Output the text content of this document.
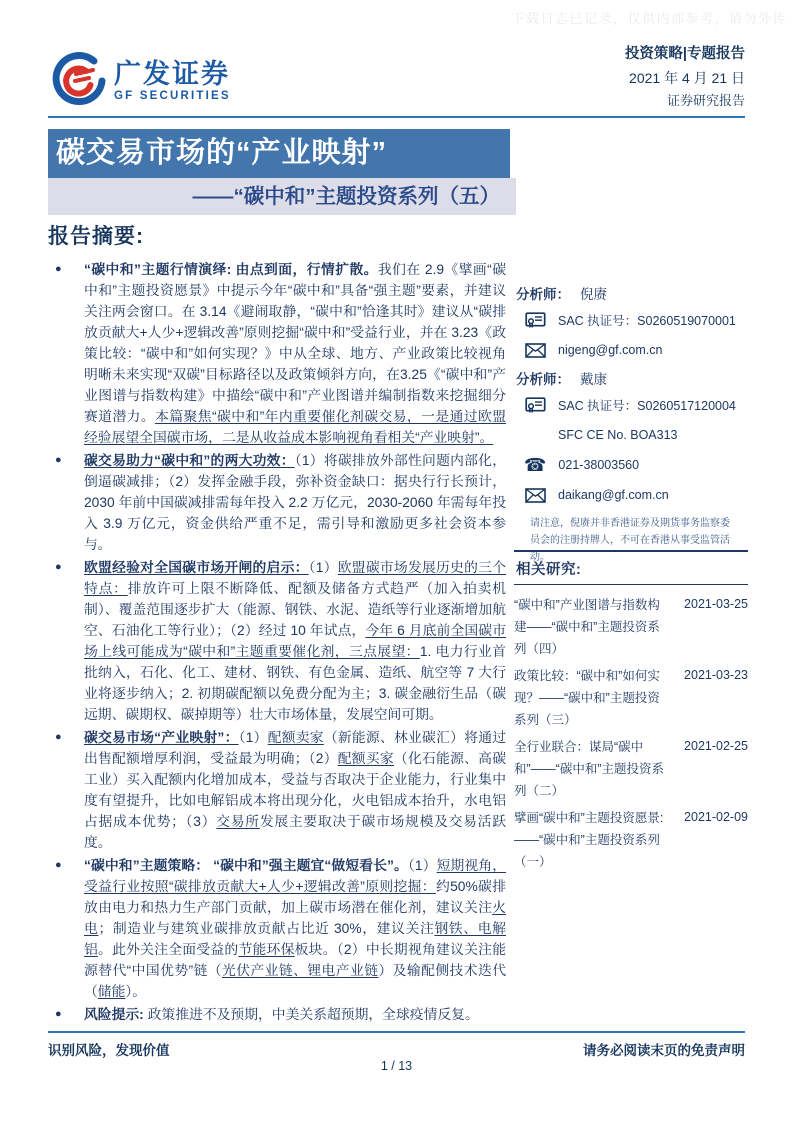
下载日志已记录，仅供内部参考，请勿外传
广发证券
GF SECURITIES
投资策略|专题报告
2021 年 4 月 21 日
证券研究报告
碳交易市场的“产业映射”
——“碳中和”主题投资系列（五）
报告摘要:
●	“碳中和”主题行情演绎: 由点到面，行情扩散。我们在 2.9《擘画“碳中和”主题投资愿景》中提示今年“碳中和”具备“强主题”要素，并建议关注两会窗口。在 3.14《避闹取静，“碳中和”恰逢其时》建议从“碳排放贡献大+人少+逻辑改善”原则挖掘“碳中和”受益行业，并在 3.23《政策比较：“碳中和”如何实现？》中从全球、地方、产业政策比较视角明晰未来实现“双碳”目标路径以及政策倾斜方向，在3.25《“碳中和”产业图谱与指数构建》中描绘“碳中和”产业图谱并编制指数来挖掘细分赛道潜力。本篇聚焦“碳中和”年内重要催化剂碳交易，一是通过欧盟经验展望全国碳市场，二是从收益成本影响视角看相关“产业映射”。
●	碳交易助力“碳中和”的两大功效：（1）将碳排放外部性问题内部化，倒逼碳减排；（2）发挥金融手段，弥补资金缺口：据央行行长预计，2030 年前中国碳减排需每年投入 2.2 万亿元，2030-2060 年需每年投入 3.9 万亿元，资金供给严重不足，需引导和激励更多社会资本参与。
●	欧盟经验对全国碳市场开闸的启示：（1）欧盟碳市场发展历史的三个特点：排放许可上限不断降低、配额及储备方式趋严（加入拍卖机制）、覆盖范围逐步扩大（能源、钢铁、水泥、造纸等行业逐渐增加航空、石油化工等行业）；（2）经过 10 年试点，今年 6 月底前全国碳市场上线可能成为“碳中和”主题重要催化剂，三点展望：1. 电力行业首批纳入，石化、化工、建材、钢铁、有色金属、造纸、航空等 7 大行业将逐步纳入；2. 初期碳配额以免费分配为主；3. 碳金融衍生品（碳远期、碳期权、碳掉期等）壮大市场体量，发展空间可期。
●	碳交易市场“产业映射”：（1）配额卖家（新能源、林业碳汇）将通过出售配额增厚利润，受益最为明确；（2）配额买家（化石能源、高碳工业）买入配额内化增加成本，受益与否取决于企业能力，行业集中度有望提升，比如电解铝成本将出现分化，火电铝成本抬升，水电铝占据成本优势；（3）交易所发展主要取决于碳市场规模及交易活跃度。
●	“碳中和”主题策略： “碳中和”强主题宜“做短看长”。（1）短期视角，受益行业按照“碳排放贡献大+人少+逻辑改善”原则挖掘：约50%碳排放由电力和热力生产部门贡献，加上碳市场潜在催化剂，建议关注火电；制造业与建筑业碳排放贡献占比近 30%，建议关注钢铁、电解铝。此外关注全面受益的节能环保板块。（2）中长期视角建议关注能源替代“中国优势”链（光伏产业链、锂电产业链）及输配侧技术迭代（储能）。
●	风险提示: 政策推进不及预期，中美关系超预期，全球疫情反复。
分析师： 倪赓
SAC 执证号：S0260519070001
nigeng@gf.com.cn
分析师： 戴康
SAC 执证号：S0260517120004
SFC CE No. BOA313
☎ 021-38003560
daikang@gf.com.cn
请注意，倪赓并非香港证券及期货事务监察委员会的注册持牌人，不可在香港从事受监管活动。
相关研究:
“碳中和”产业图谱与指数构建——“碳中和”主题投资系列（四）
2021-03-25
政策比较：“碳中和”如何实现？——“碳中和”主题投资系列（三）
2021-03-23
全行业联合：谋局“碳中和”——“碳中和”主题投资系列（二）
2021-02-25
擘画“碳中和”主题投资愿景:——“碳中和”主题投资系列（一）
2021-02-09
识别风险，发现价值	请务必阅读末页的免责声明
1 / 13
